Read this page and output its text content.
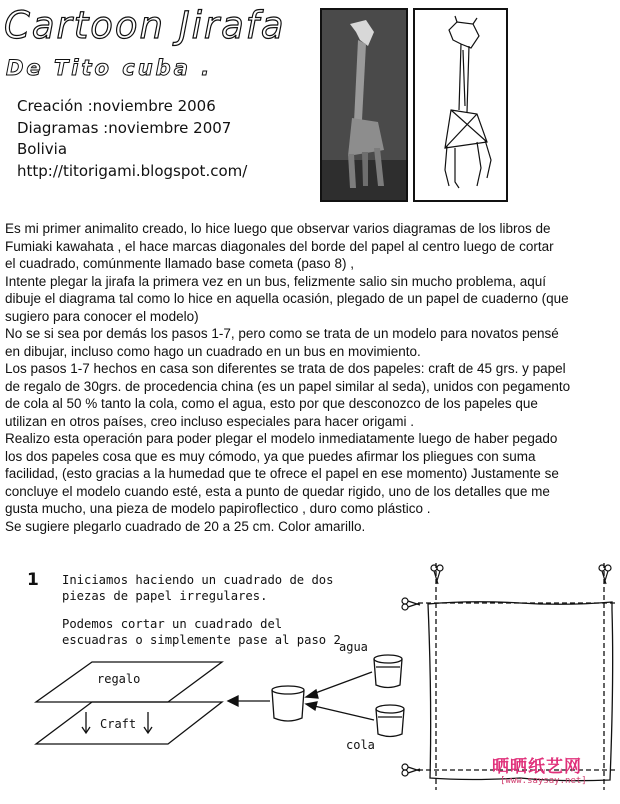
Cartoon Jirafa
De Tito cuba .
Creación :noviembre 2006
Diagramas :noviembre 2007
Bolivia
http://titorigami.blogspot.com/

Es mi primer animalito creado, lo hice luego que observar varios diagramas de los libros de

Fumiaki kawahata , el hace marcas diagonales del borde del papel al centro luego de cortar

el cuadrado, comúnmente llamado base cometa (paso 8) ,

Intente plegar la jirafa la primera vez en un bus, felizmente salio sin mucho problema, aquí

dibuje el diagrama tal como lo hice en aquella ocasión, plegado de un papel de cuaderno (que

sugiero para conocer el modelo)

No se si sea por demás los pasos 1-7, pero como se trata de un modelo para novatos pensé

en dibujar, incluso como hago un cuadrado en un bus en movimiento.

Los pasos 1-7 hechos en casa son diferentes se trata de dos papeles: craft de 45 grs. y papel

de regalo de 30grs. de procedencia china (es un papel similar al seda), unidos con pegamento

de cola al 50 % tanto la cola, como el agua, esto por que desconozco de los papeles que

utilizan en otros países, creo incluso especiales para hacer origami .

Realizo esta operación para poder plegar el modelo inmediatamente luego de haber pegado

los dos papeles cosa que es muy cómodo, ya que puedes afirmar los pliegues con suma

facilidad, (esto gracias a la humedad que te ofrece el papel en ese momento) Justamente se

concluye el modelo cuando esté, esta a punto de quedar rigido, uno de los detalles que me

gusta mucho, una pieza de modelo papiroflectico , duro como plástico .

Se sugiere plegarlo cuadrado de 20 a 25 cm. Color amarillo.

1 Iniciamos haciendo un cuadrado de dos
piezas de papel irregulares.
Podemos cortar un cuadrado del
escuadras o simplemente pase al paso 2
agua
cola
regalo
Craft
晒晒纸艺网
[www.saysay.net]
